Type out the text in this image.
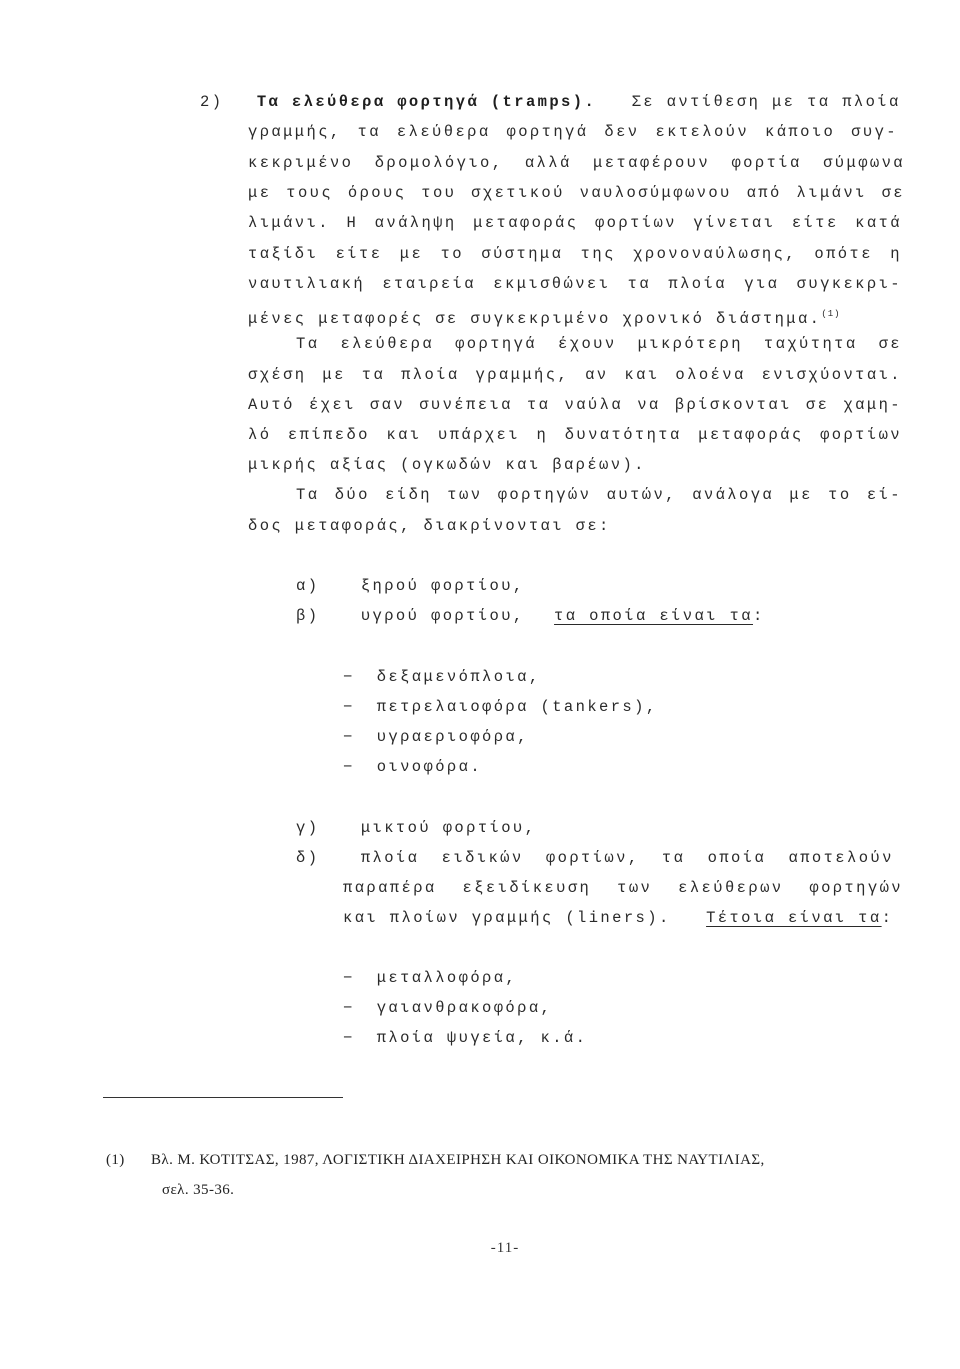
2) Τα ελεύθερα φορτηγά (tramps). Σε αντίθεση με τα πλοία
γραμμής, τα ελεύθερα φορτηγά δεν εκτελούν κάποιο συγ-
κεκριμένο δρομολόγιο, αλλά μεταφέρουν φορτία σύμφωνα
με τους όρους του σχετικού ναυλοσύμφωνου από λιμάνι σε
λιμάνι. Η ανάληψη μεταφοράς φορτίων γίνεται είτε κατά
ταξίδι είτε με το σύστημα της χρονοναύλωσης, οπότε η
ναυτιλιακή εταιρεία εκμισθώνει τα πλοία για συγκεκρι-
μένες μεταφορές σε συγκεκριμένο χρονικό διάστημα.$^{(1)}$
Τα ελεύθερα φορτηγά έχουν μικρότερη ταχύτητα σε
σχέση με τα πλοία γραμμής, αν και ολοένα ενισχύονται.
Αυτό έχει σαν συνέπεια τα ναύλα να βρίσκονται σε χαμη-
λό επίπεδο και υπάρχει η δυνατότητα μεταφοράς φορτίων
μικρής αξίας (ογκωδών και βαρέων).
Τα δύο είδη των φορτηγών αυτών, ανάλογα με το εί-
δος μεταφοράς, διακρίνονται σε:
α)	ξηρού φορτίου,
β)	υγρού φορτίου, τα οποία είναι τα:
− δεξαμενόπλοια,
− πετρελαιοφόρα (tankers),
− υγραεριοφόρα,
− οινοφόρα.
γ)	μικτού φορτίου,
δ)	πλοία ειδικών φορτίων, τα οποία αποτελούν
παραπέρα εξειδίκευση των ελεύθερων φορτηγών
και πλοίων γραμμής (liners). Τέτοια είναι τα:
− μεταλλοφόρα,
− γαιανθρακοφόρα,
− πλοία ψυγεία, κ.ά.
(1) Βλ. Μ. ΚΟΤΙΤΣΑΣ, 1987, ΛΟΓΙΣΤΙΚΗ ΔΙΑΧΕΙΡΗΣΗ ΚΑΙ ΟΙΚΟΝΟΜΙΚΑ ΤΗΣ ΝΑΥΤΙΛΙΑΣ,
σελ. 35-36.
-11-
